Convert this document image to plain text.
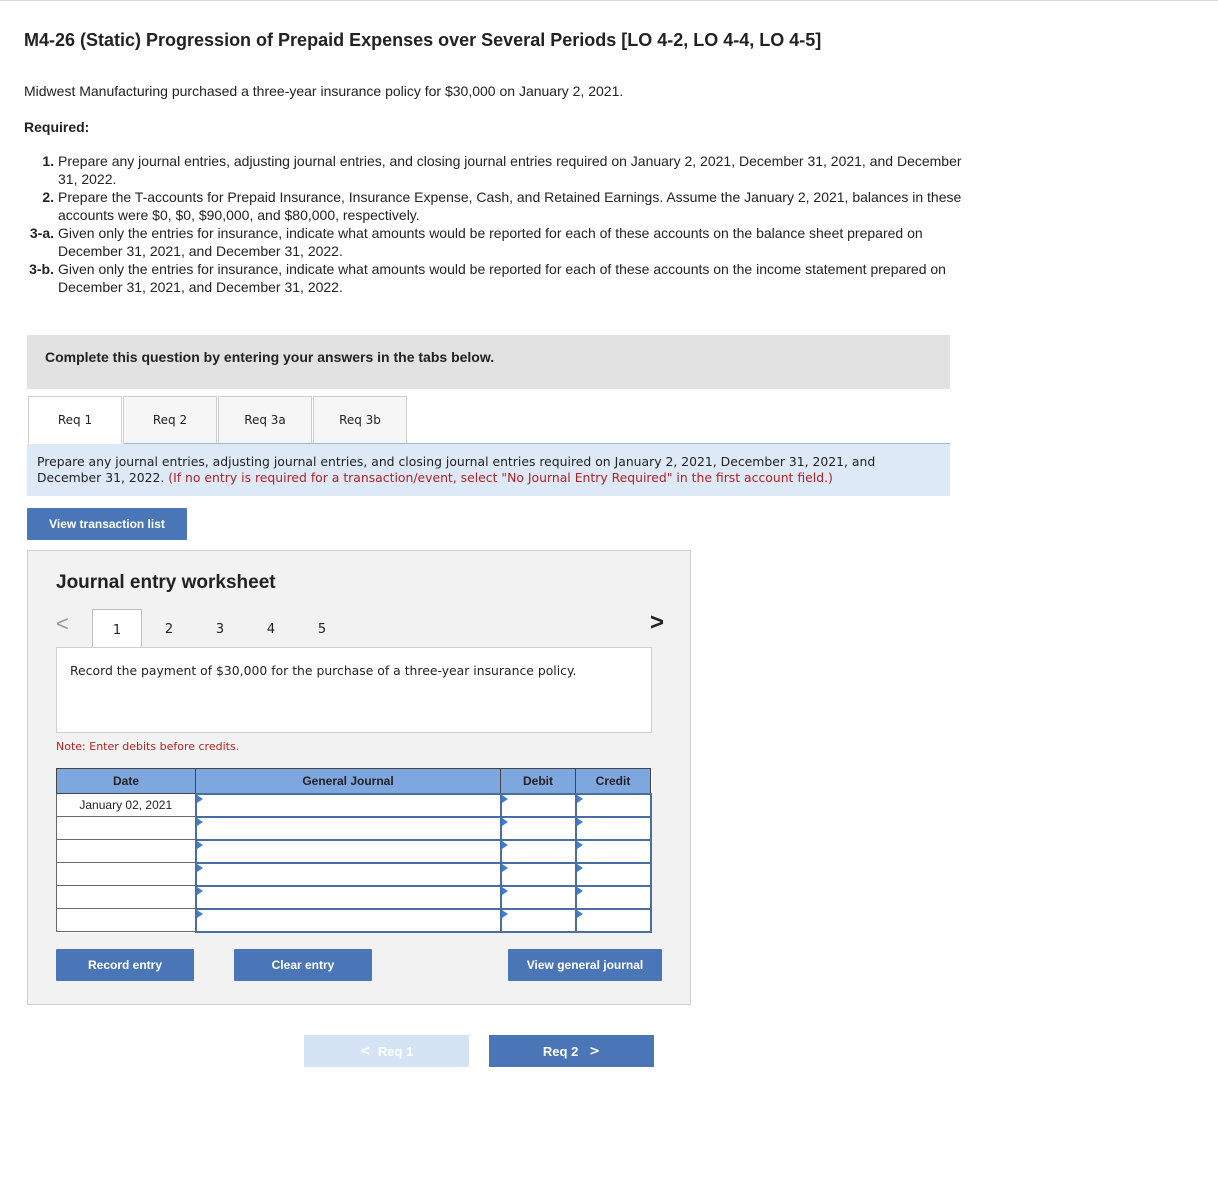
M4-26 (Static) Progression of Prepaid Expenses over Several Periods [LO 4-2, LO 4-4, LO 4-5]

Midwest Manufacturing purchased a three-year insurance policy for $30,000 on January 2, 2021.

Required:

1. Prepare any journal entries, adjusting journal entries, and closing journal entries required on January 2, 2021, December 31, 2021, and December 31, 2022.
2. Prepare the T-accounts for Prepaid Insurance, Insurance Expense, Cash, and Retained Earnings. Assume the January 2, 2021, balances in these accounts were $0, $0, $90,000, and $80,000, respectively.
3-a. Given only the entries for insurance, indicate what amounts would be reported for each of these accounts on the balance sheet prepared on December 31, 2021, and December 31, 2022.
3-b. Given only the entries for insurance, indicate what amounts would be reported for each of these accounts on the income statement prepared on December 31, 2021, and December 31, 2022.
Complete this question by entering your answers in the tabs below.
Req 1	Req 2	Req 3a	Req 3b
Prepare any journal entries, adjusting journal entries, and closing journal entries required on January 2, 2021, December 31, 2021, and December 31, 2022. (If no entry is required for a transaction/event, select "No Journal Entry Required" in the first account field.)
View transaction list
Journal entry worksheet
<	1	2	3	4	5	>
Record the payment of $30,000 for the purchase of a three-year insurance policy.
Note: Enter debits before credits.
Date	General Journal	Debit	Credit
January 02, 2021			

Record entry	Clear entry	View general journal
<
Req 1	Req 2
>
